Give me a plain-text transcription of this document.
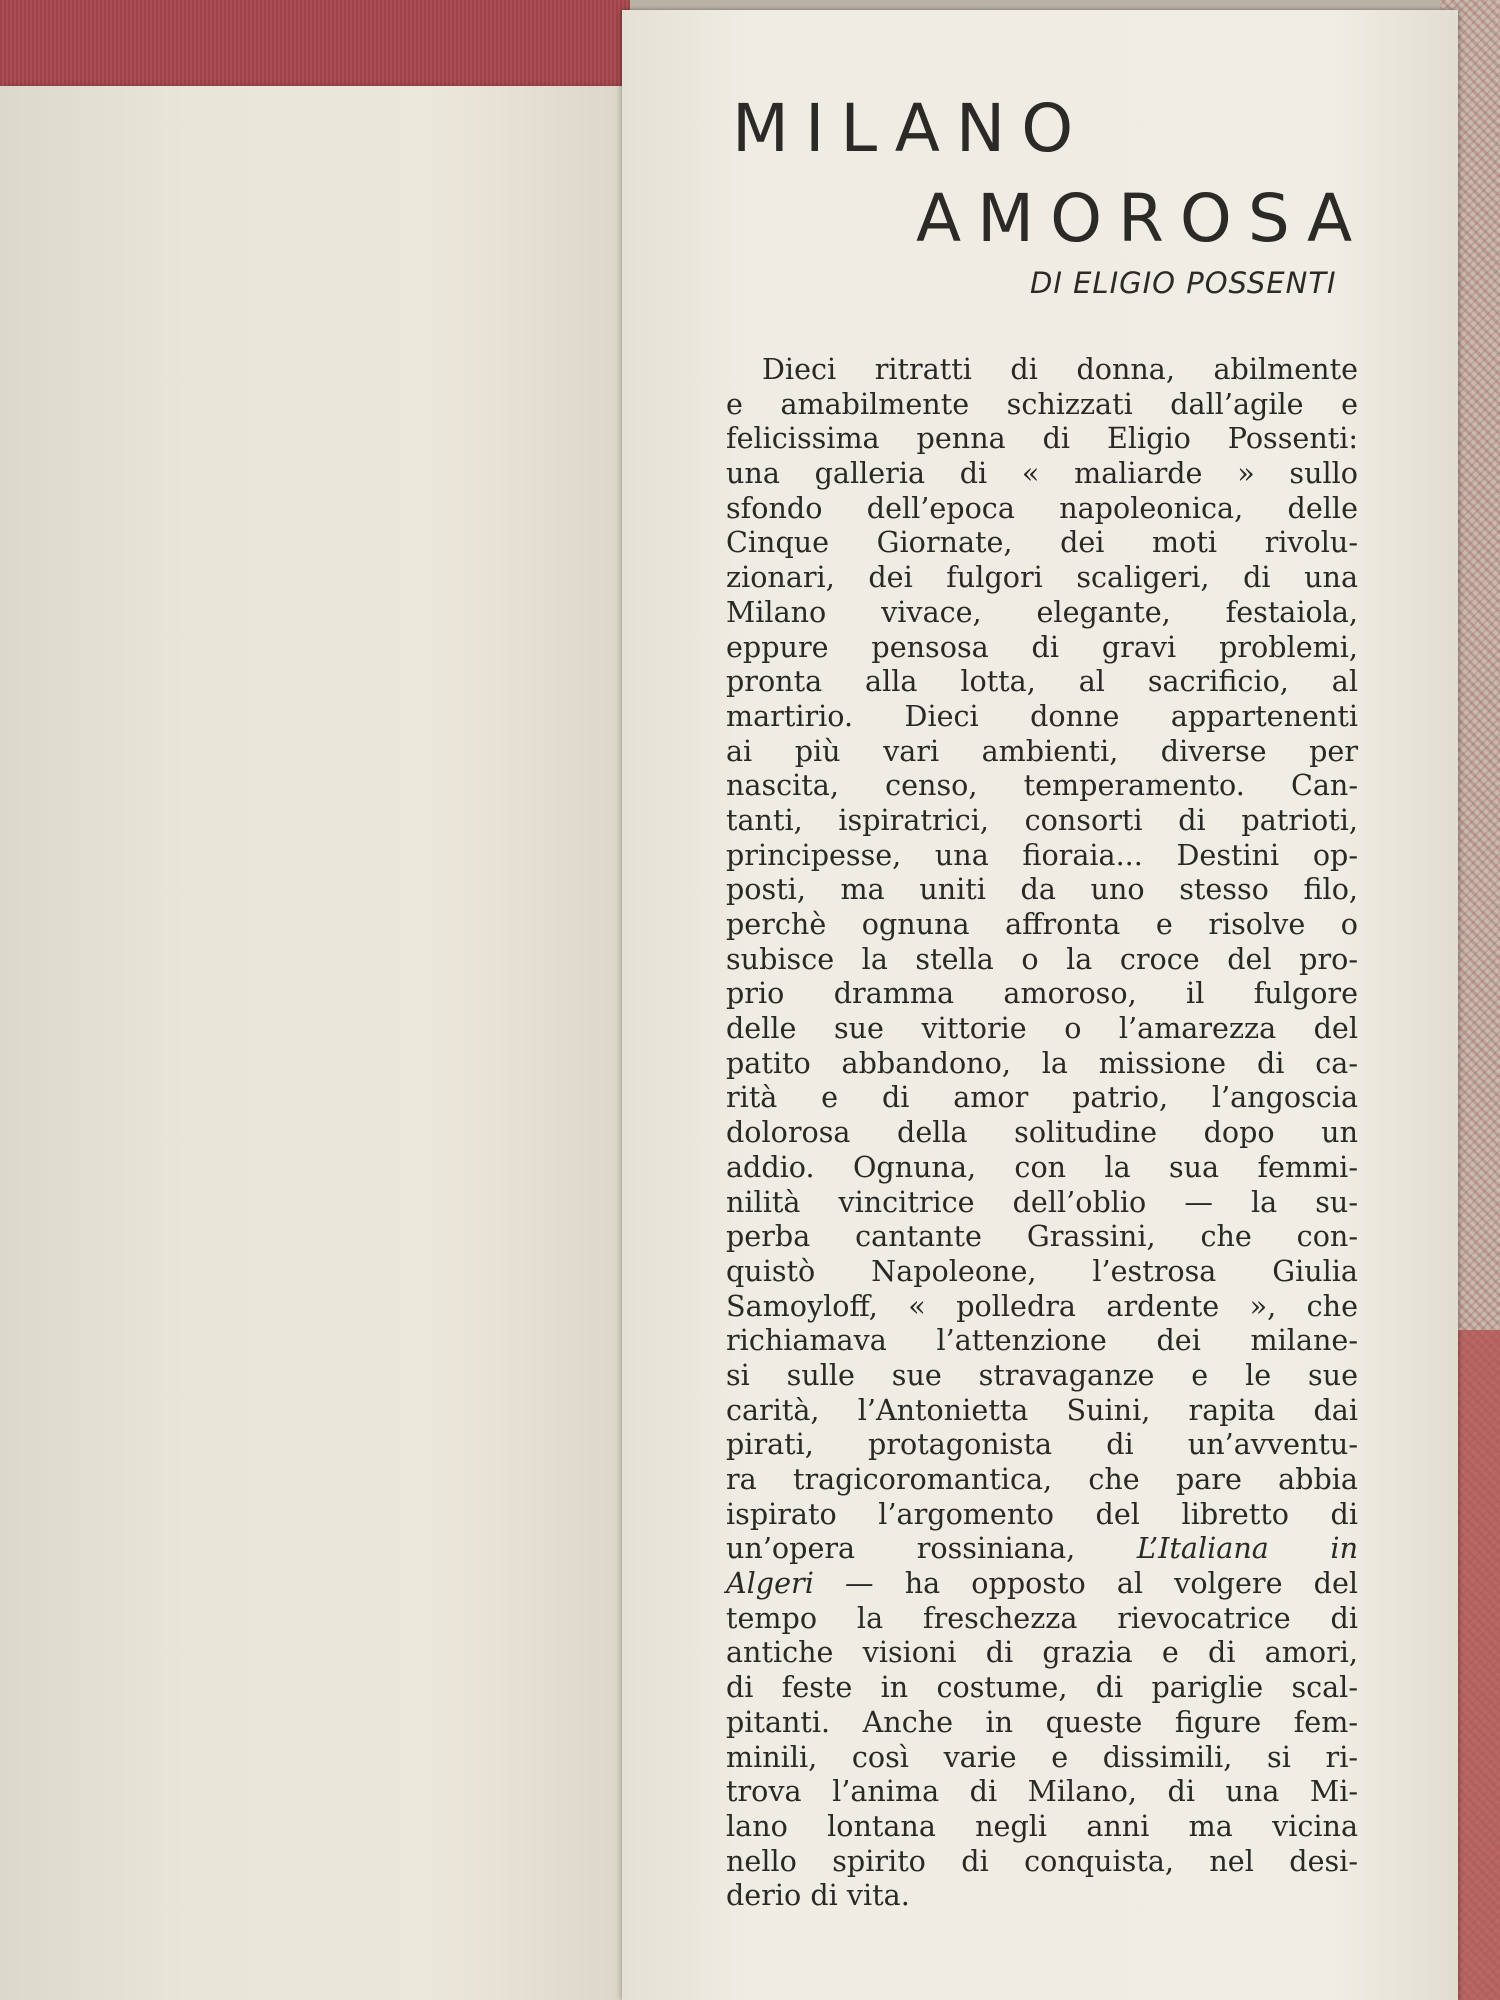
MILANO
AMOROSA
DI ELIGIO POSSENTI
Dieci ritratti di donna, abilmente
e amabilmente schizzati dall’agile e
felicissima penna di Eligio Possenti:
una galleria di « maliarde » sullo
sfondo dell’epoca napoleonica, delle
Cinque Giornate, dei moti rivolu-
zionari, dei fulgori scaligeri, di una
Milano vivace, elegante, festaiola,
eppure pensosa di gravi problemi,
pronta alla lotta, al sacrificio, al
martirio. Dieci donne appartenenti
ai più vari ambienti, diverse per
nascita, censo, temperamento. Can-
tanti, ispiratrici, consorti di patrioti,
principesse, una fioraia... Destini op-
posti, ma uniti da uno stesso filo,
perchè ognuna affronta e risolve o
subisce la stella o la croce del pro-
prio dramma amoroso, il fulgore
delle sue vittorie o l’amarezza del
patito abbandono, la missione di ca-
rità e di amor patrio, l’angoscia
dolorosa della solitudine dopo un
addio. Ognuna, con la sua femmi-
nilità vincitrice dell’oblio — la su-
perba cantante Grassini, che con-
quistò Napoleone, l’estrosa Giulia
Samoyloff, « polledra ardente », che
richiamava l’attenzione dei milane-
si sulle sue stravaganze e le sue
carità, l’Antonietta Suini, rapita dai
pirati, protagonista di un’avventu-
ra tragicoromantica, che pare abbia
ispirato l’argomento del libretto di
un’opera rossiniana, L’Italiana in
Algeri — ha opposto al volgere del
tempo la freschezza rievocatrice di
antiche visioni di grazia e di amori,
di feste in costume, di pariglie scal-
pitanti. Anche in queste figure fem-
minili, così varie e dissimili, si ri-
trova l’anima di Milano, di una Mi-
lano lontana negli anni ma vicina
nello spirito di conquista, nel desi-
derio di vita.
